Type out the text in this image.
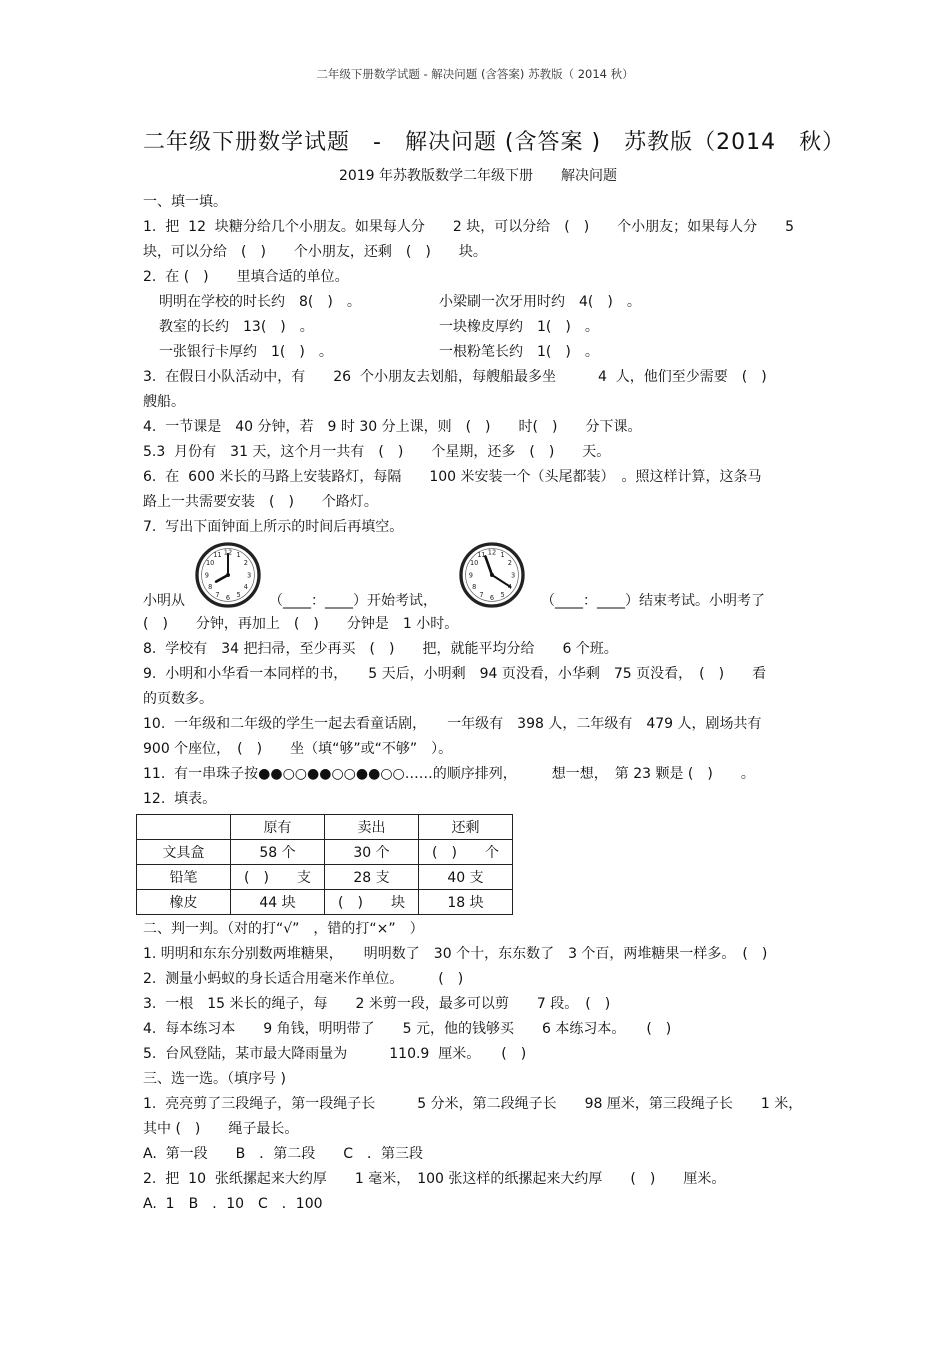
二年级下册数学试题 - 解决问题 (含答案) 苏教版（ 2014 秋）
二年级下册数学试题　-　解决问题 (含答案 )　苏教版（2014　秋）
2019 年苏教版数学二年级下册　　解决问题
一、填一填。
1.  把  12  块糖分给几个小朋友。如果每人分　　2 块，可以分给　(　)　　个小朋友；如果每人分　　5
块，可以分给　(　)　　个小朋友，还剩　(　)　　块。
2.  在 (　)　　里填合适的单位。
明明在学校的时长约　8(　)　。	小梁刷一次牙用时约　4(　)　。
教室的长约　13(　)　。	一块橡皮厚约　1(　)　。
一张银行卡厚约　1(　)　。	一根粉笔长约　1(　)　。
3.  在假日小队活动中，有　　26  个小朋友去划船，每艘船最多坐　　　4  人，他们至少需要　(　)
艘船。
4.  一节课是　40 分钟，若　9 时 30 分上课，则　(　)　　时(　)　　分下课。
5.3  月份有　31 天，这个月一共有　(　)　　个星期，还多　(　)　　天。
6.  在  600 米长的马路上安装路灯，每隔　　100 米安装一个（头尾都装）　。照这样计算，这条马
路上一共需要安装　(　)　　个路灯。
7.  写出下面钟面上所示的时间后再填空。
小明从
12 1
2
3
4
5
6
7
8
9
10
11
（____：____）开始考试，
12 1
2
3
5
6
7
8
9
10
11
（____：____）结束考试。小明考了
(　)　　分钟，再加上　(　)　　分钟是　1 小时。
8.  学校有　34 把扫帚，至少再买　(　)　　把，就能平均分给　　6 个班。
9.  小明和小华看一本同样的书，　　5 天后，小明剩　94 页没看，小华剩　75 页没看，　(　)　　看
的页数多。
10.  一年级和二年级的学生一起去看童话剧，　　一年级有　398 人，二年级有　479 人，剧场共有
900 个座位，　(　)　　坐（填“够”或“不够”　）。
11.  有一串珠子按●●○○●●○○●●○○……的顺序排列，　　　想一想，　第 23 颗是 (　)　　。
12.  填表。
	原有	卖出	还剩
文具盒	58 个	30 个	(　)　　个
铅笔	(　)　　支	28 支	40 支
橡皮	44 块	(　)　　块	18 块
二、判一判。（对的打“√”　，错的打“×”　）
1. 明明和东东分别数两堆糖果，　　明明数了　30 个十，东东数了　3 个百，两堆糖果一样多。　(　)
2.  测量小蚂蚁的身长适合用毫米作单位。　　　(　)
3.  一根　15 米长的绳子，每　　2 米剪一段，最多可以剪　　7 段。　(　)
4.  每本练习本　　9 角钱，明明带了　　5 元，他的钱够买　　6 本练习本。　　(　)
5.  台风登陆，某市最大降雨量为　　　110.9  厘米。　　(　)
三、选一选。（填序号 )
1.  亮亮剪了三段绳子，第一段绳子长　　　5 分米，第二段绳子长　　98 厘米，第三段绳子长　　1 米，
其中 (　)　　绳子最长。
A.  第一段　　B　．第二段　　C　．第三段
2.  把  10  张纸摞起来大约厚　　1 毫米，　100 张这样的纸摞起来大约厚　　(　)　　厘米。
A.  1　B　．10　C　．100
